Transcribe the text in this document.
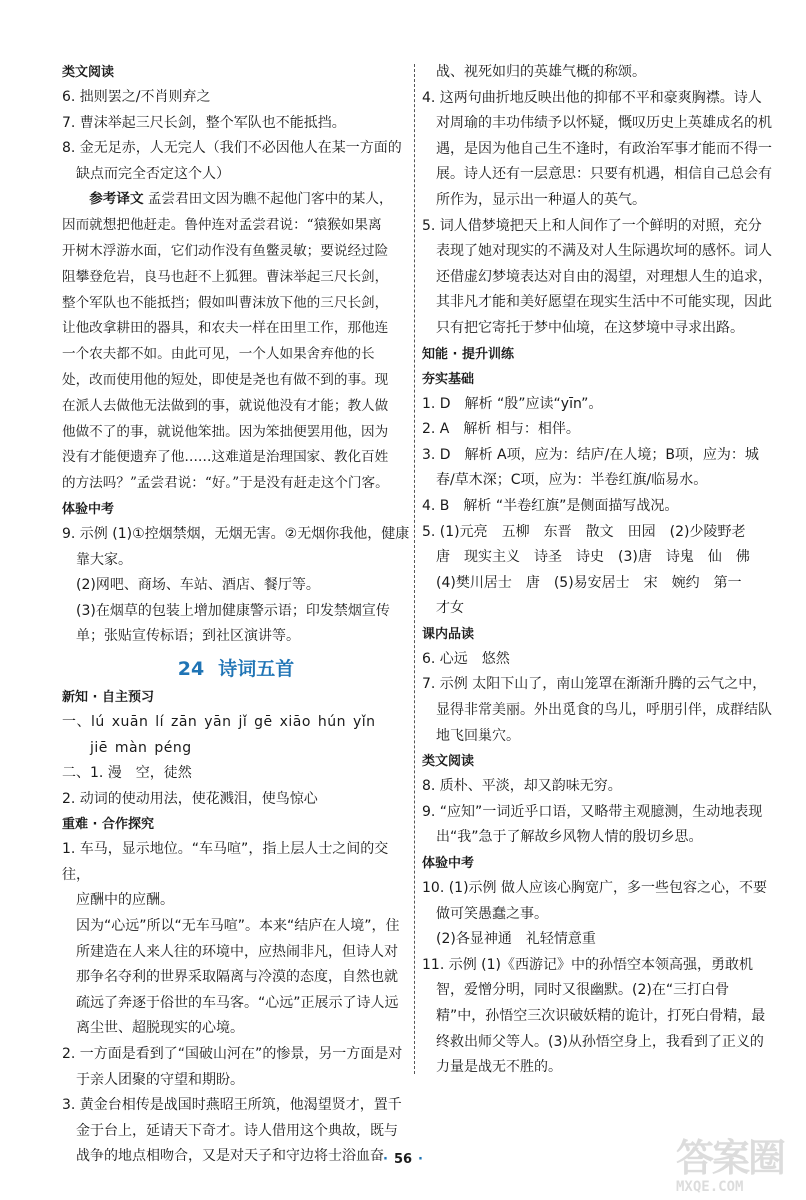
类文阅读
6. 拙则罢之/不肖则弃之
7. 曹沫举起三尺长剑，整个军队也不能抵挡。
8. 金无足赤，人无完人（我们不必因他人在某一方面的
缺点而完全否定这个人）
参考译文 孟尝君田文因为瞧不起他门客中的某人，
因而就想把他赶走。鲁仲连对孟尝君说：“猿猴如果离
开树木浮游水面，它们动作没有鱼鳖灵敏；要说经过险
阻攀登危岩，良马也赶不上狐狸。曹沫举起三尺长剑，
整个军队也不能抵挡；假如叫曹沫放下他的三尺长剑，
让他改拿耕田的器具，和农夫一样在田里工作，那他连
一个农夫都不如。由此可见，一个人如果舍弃他的长
处，改而使用他的短处，即使是尧也有做不到的事。现
在派人去做他无法做到的事，就说他没有才能；教人做
他做不了的事，就说他笨拙。因为笨拙便罢用他，因为
没有才能便遗弃了他……这难道是治理国家、教化百姓
的方法吗？”孟尝君说：“好。”于是没有赶走这个门客。
体验中考
9. 示例 (1)①控烟禁烟，无烟无害。②无烟你我他，健康
靠大家。
(2)网吧、商场、车站、酒店、餐厅等。
(3)在烟草的包装上增加健康警示语；印发禁烟宣传单；张贴宣传标语；到社区演讲等。
24 诗词五首
新知 · 自主预习
一、lú xuān lí zān yān jǐ gē xiāo hún yǐn
jiē màn péng
二、1. 漫　空，徒然
2. 动词的使动用法，使花溅泪，使鸟惊心
重难 · 合作探究
1. 车马，显示地位。“车马喧”，指上层人士之间的交往，
应酬中的应酬。
因为“心远”所以“无车马喧”。本来“结庐在人境”，住所建造在人来人往的环境中，应热闹非凡，但诗人对那争名夺利的世界采取隔离与冷漠的态度，自然也就疏远了奔逐于俗世的车马客。“心远”正展示了诗人远离尘世、超脱现实的心境。
2. 一方面是看到了“国破山河在”的惨景，另一方面是对于亲人团聚的守望和期盼。
3. 黄金台相传是战国时燕昭王所筑，他渴望贤才，置千金于台上，延请天下奇才。诗人借用这个典故，既与战争的地点相吻合，又是对天子和守边将士浴血奋
战、视死如归的英雄气概的称颂。
4. 这两句曲折地反映出他的抑郁不平和豪爽胸襟。诗人对周瑜的丰功伟绩予以怀疑，慨叹历史上英雄成名的机遇，是因为他自己生不逢时，有政治军事才能而不得一展。诗人还有一层意思：只要有机遇，相信自己总会有所作为，显示出一种逼人的英气。
5. 词人借梦境把天上和人间作了一个鲜明的对照，充分表现了她对现实的不满及对人生际遇坎坷的感怀。词人还借虚幻梦境表达对自由的渴望，对理想人生的追求，其非凡才能和美好愿望在现实生活中不可能实现，因此只有把它寄托于梦中仙境，在这梦境中寻求出路。
知能 · 提升训练
夯实基础
1. D　解析 “殷”应读“yīn”。
2. A　解析 相与：相伴。
3. D　解析 A项，应为：结庐/在人境；B项，应为：城春/草木深；C项，应为：半卷红旗/临易水。
4. B　解析 “半卷红旗”是侧面描写战况。
5. (1)元亮　五柳　东晋　散文　田园　(2)少陵野老
唐　现实主义　诗圣　诗史　(3)唐　诗鬼　仙　佛
(4)樊川居士　唐　(5)易安居士　宋　婉约　第一
才女
课内品读
6. 心远　悠然
7. 示例 太阳下山了，南山笼罩在渐渐升腾的云气之中，显得非常美丽。外出觅食的鸟儿，呼朋引伴，成群结队地飞回巢穴。
类文阅读
8. 质朴、平淡，却又韵味无穷。
9. “应知”一词近乎口语，又略带主观臆测，生动地表现出“我”急于了解故乡风物人情的殷切乡思。
体验中考
10. (1)示例 做人应该心胸宽广，多一些包容之心，不要做可笑愚蠢之事。
(2)各显神通　礼轻情意重
11. 示例 (1)《西游记》中的孙悟空本领高强，勇敢机智，爱憎分明，同时又很幽默。(2)在“三打白骨精”中，孙悟空三次识破妖精的诡计，打死白骨精，最终救出师父等人。(3)从孙悟空身上，我看到了正义的力量是战无不胜的。
· 56 ·	答案圈
MXQE.COM
